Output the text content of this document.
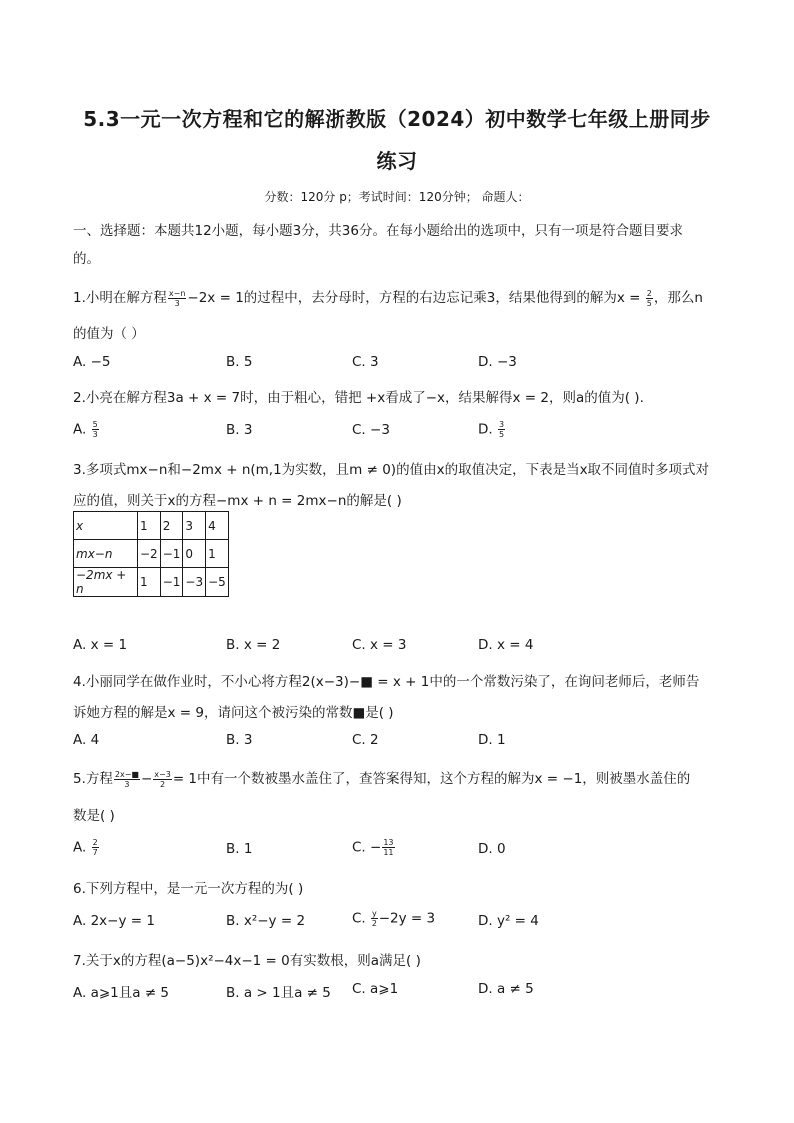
5.3一元一次方程和它的解浙教版（2024）初中数学七年级上册同步
练习
分数：120分 p；考试时间：120分钟； 命题人：
一、选择题：本题共12小题，每小题3分，共36分。在每小题给出的选项中，只有一项是符合题目要求
的。
1.小明在解方程 $\frac{x-n}{3} -2x = 1$的过程中，去分母时，方程的右边忘记乘3，结果他得到的解为$x = \frac{2}{5}$ ，那么n
的值为（ ）
A. −5	B. 5	C. 3	D. −3
2.小亮在解方程3a + x = 7时，由于粗心，错把 +x看成了−x，结果解得x = 2，则a的值为( ).
A. $\frac{5}{3}$	B. 3	C. −3	D. $\frac{3}{5}$
3.多项式mx−n和−2mx + n(m,1为实数，且m ≠ 0)的值由x的取值决定，下表是当x取不同值时多项式对
应的值，则关于x的方程−mx + n = 2mx−n的解是( )
x	1	2	3	4
mx−n	−2	−1	0	1
−2mx + n	1	−1	−3	−5
A. x = 1	B. x = 2	C. x = 3	D. x = 4
4.小丽同学在做作业时，不小心将方程2(x−3)−■ = x + 1中的一个常数污染了，在询问老师后，老师告
诉她方程的解是x = 9，请问这个被污染的常数■是( )
A. 4	B. 3	C. 2	D. 1
5.方程 $\frac{2x-■}{3} - \frac{x-3}{2} = 1$中有一个数被墨水盖住了，查答案得知，这个方程的解为x = −1，则被墨水盖住的
数是( )
A. $\frac{2}{7}$	B. 1	C. − $\frac{13}{11}$	D. 0
6.下列方程中，是一元一次方程的为( )
A. 2x−y = 1	B. x²−y = 2	C. $\frac{y}{2} -2y = 3$	D. y² = 4
7.关于x的方程(a−5)x²−4x−1 = 0有实数根，则a满足( )
A. a⩾1且a ≠ 5	B. a > 1且a ≠ 5 C. a⩾1	D. a ≠ 5
